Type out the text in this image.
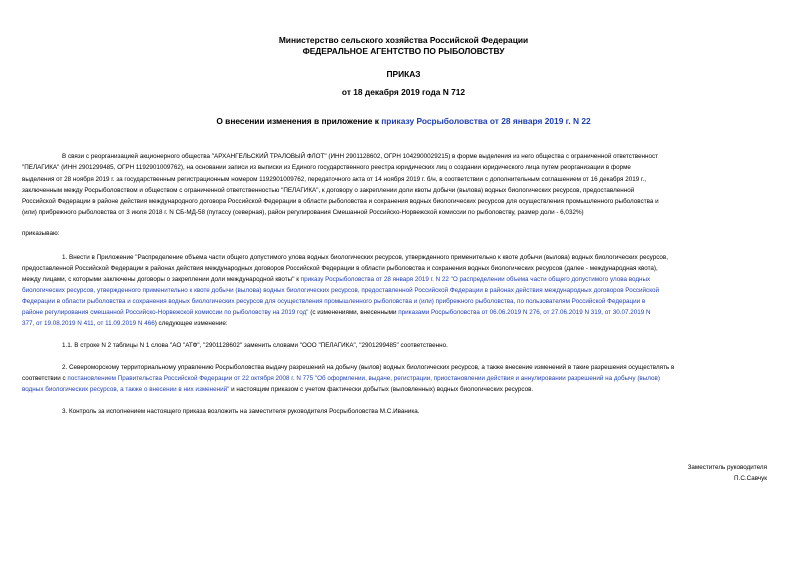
Министерство сельского хозяйства Российской Федерации
ФЕДЕРАЛЬНОЕ АГЕНТСТВО ПО РЫБОЛОВСТВУ
ПРИКАЗ
от 18 декабря 2019 года N 712
О внесении изменения в приложение к приказу Росрыболовства от 28 января 2019 г. N 22
В связи с реорганизацией акционерного общества "АРХАНГЕЛЬСКИЙ ТРАЛОВЫЙ ФЛОТ" (ИНН 2901128602, ОГРН 1042900029215) в форме выделения из него общества с ограниченной ответственност
"ПЕЛАГИКА" (ИНН 2901299485, ОГРН 1192901009762), на основании записи из выписки из Единого государственного реестра юридических лиц о создании юридического лица путем реорганизации в форме
выделения от 28 ноября 2019 г. за государственным регистрационным номером 1192901009762, передаточного акта от 14 ноября 2019 г. б/н, в соответствии с дополнительным соглашением от 16 декабря 2019 г.,
заключенным между Росрыболовством и обществом с ограниченной ответственностью "ПЕЛАГИКА", к договору о закреплении доли квоты добычи (вылова) водных биологических ресурсов, предоставленной
Российской Федерации в районе действия международного договора Российской Федерации в области рыболовства и сохранения водных биологических ресурсов для осуществления промышленного рыболовства и
(или) прибрежного рыболовства от 3 июля 2018 г. N СБ-МД-58 (путассу (северная), район регулирования Смешанной Российско-Норвежской комиссии по рыболовству, размер доли - 6,032%)
приказываю:
1. Внести в Приложение "Распределение объема части общего допустимого улова водных биологических ресурсов, утвержденного применительно к квоте добычи (вылова) водных биологических ресурсов,
предоставленной Российской Федерации в районах действия международных договоров Российской Федерации в области рыболовства и сохранения водных биологических ресурсов (далее - международная квота),
между лицами, с которыми заключены договоры о закреплении доли международной квоты" к приказу Росрыболовства от 28 января 2019 г. N 22 "О распределении объема части общего допустимого улова водных
биологических ресурсов, утвержденного применительно к квоте добычи (вылова) водных биологических ресурсов, предоставленной Российской Федерации в районах действия международных договоров Российской
Федерации в области рыболовства и сохранения водных биологических ресурсов для осуществления промышленного рыболовства и (или) прибрежного рыболовства, по пользователям Российской Федерации в
районе регулирования смешанной Российско-Норвежской комиссии по рыболовству на 2019 год" (с изменениями, внесенными приказами Росрыболовства от 06.06.2019 N 276, от 27.06.2019 N 319, от 30.07.2019 N
377, от 19.08.2019 N 411, от 11.09.2019 N 466) следующее изменение:
1.1. В строке N 2 таблицы N 1 слова "АО "АТФ", "2901128602" заменить словами "ООО "ПЕЛАГИКА", "2901299485" соответственно.
2. Североморскому территориальному управлению Росрыболовства выдачу разрешений на добычу (вылов) водных биологических ресурсов, а также внесение изменений в такие разрешения осуществлять в
соответствии с постановлением Правительства Российской Федерации от 22 октября 2008 г. N 775 "Об оформлении, выдаче, регистрации, приостановлении действия и аннулировании разрешений на добычу (вылов)
водных биологических ресурсов, а также о внесении в них изменений" и настоящим приказом с учетом фактически добытых (выловленных) водных биологических ресурсов.
3. Контроль за исполнением настоящего приказа возложить на заместителя руководителя Росрыболовства М.С.Иваника.
Заместитель руководителя
П.С.Савчук
